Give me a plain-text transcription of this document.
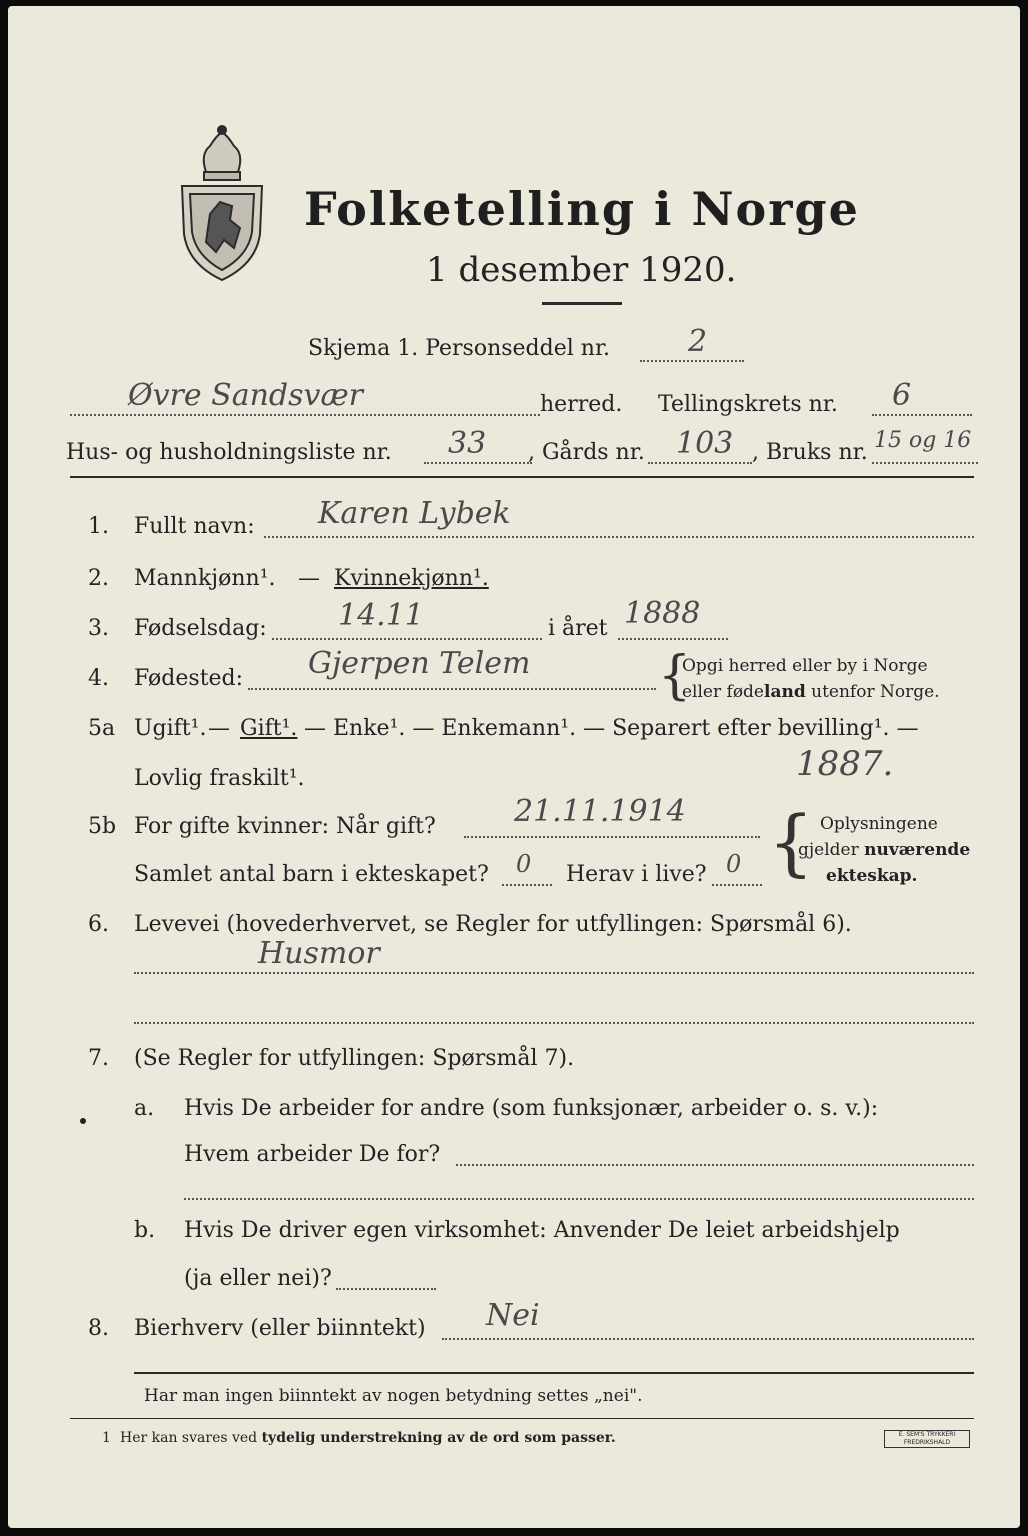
Folketelling i Norge
1 desember 1920.
Skjema 1. Personseddel nr.	2
Øvre Sandsvær	herred. Tellingskrets nr. 6
Hus- og husholdningsliste nr. 33 , Gårds nr. 103 , Bruks nr. 15 og 16
1. Fullt navn: Karen Lybek
2. Mannkjønn¹. — Kvinnekjønn¹.
3. Fødselsdag: 14.11	i året 1888
4. Fødested: Gjerpen Telem {
Opgi herred eller by i Norge
eller fødeland utenfor Norge.
5a Ugift¹. — Gift¹. — Enke¹. — Enkemann¹. — Separert efter bevilling¹. —
Lovlig fraskilt¹.	1887.
5b For gifte kvinner: Når gift?	21.11.1914
Samlet antal barn i ekteskapet? 0 Herav i live? 0 { Oplysningene
gjelder nuværende
ekteskap.
6. Levevei (hovederhvervet, se Regler for utfyllingen: Spørsmål 6).
Husmor
7. (Se Regler for utfyllingen: Spørsmål 7).
a. Hvis De arbeider for andre (som funksjonær, arbeider o. s. v.):
Hvem arbeider De for?
b. Hvis De driver egen virksomhet: Anvender De leiet arbeidshjelp
(ja eller nei)?
8. Bierhverv (eller biinntekt) Nei
Har man ingen biinntekt av nogen betydning settes „nei".
1 Her kan svares ved tydelig understrekning av de ord som passer.	E. SEM'S TRYKKERI FREDRIKSHALD
